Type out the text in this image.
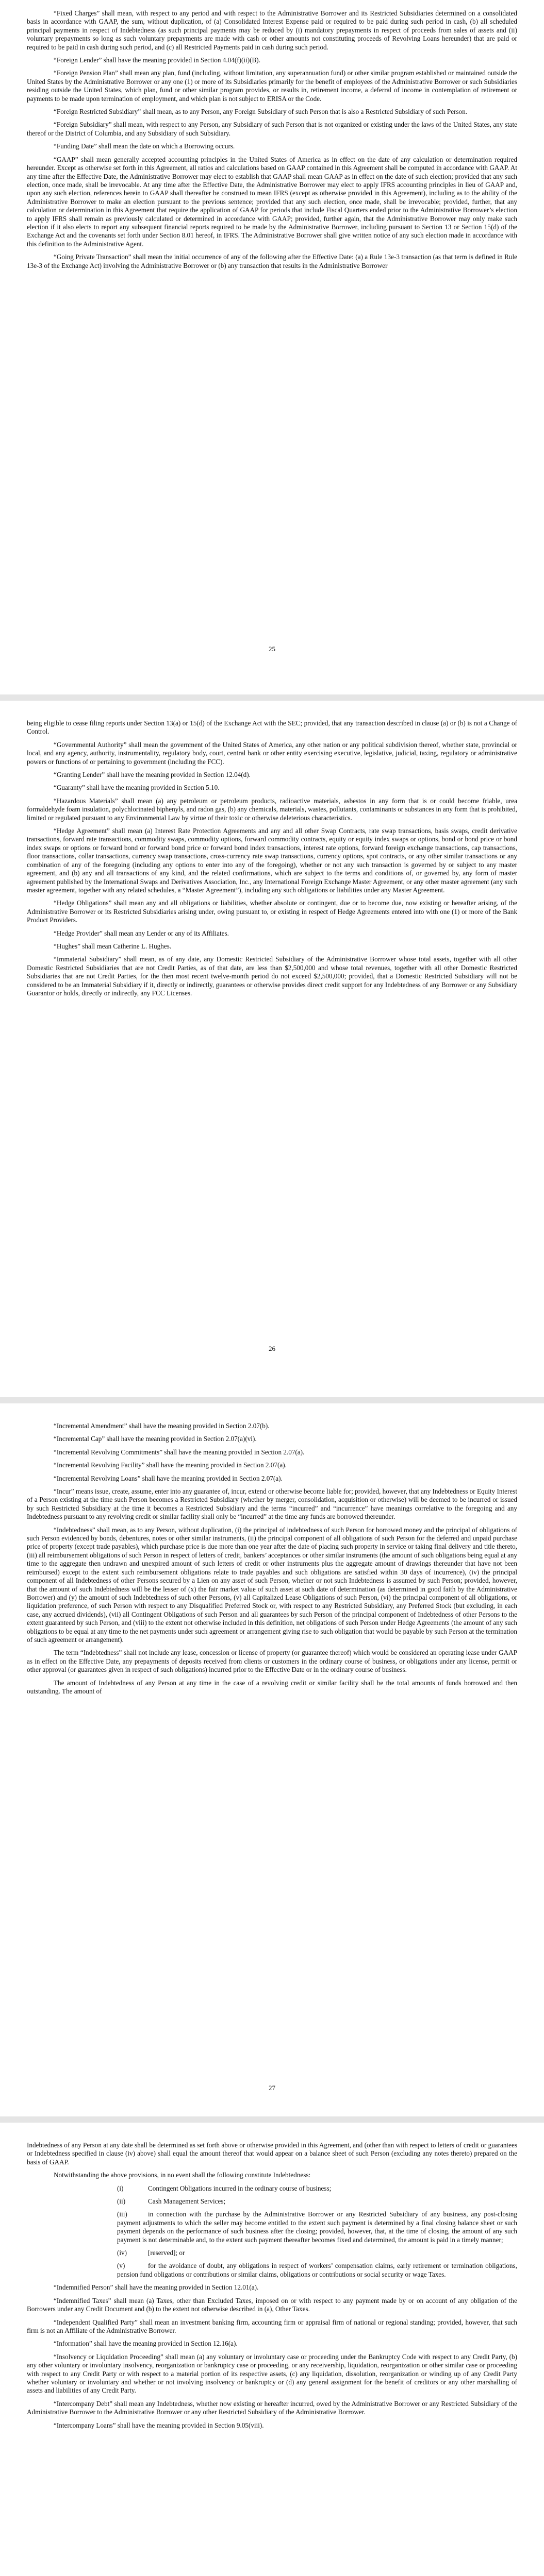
“Fixed Charges” shall mean, with respect to any period and with respect to the Administrative Borrower and its Restricted Subsidiaries determined on a consolidated basis in accordance with GAAP, the sum, without duplication, of (a) Consolidated Interest Expense paid or required to be paid during such period in cash, (b) all scheduled principal payments in respect of Indebtedness (as such principal payments may be reduced by (i) mandatory prepayments in respect of proceeds from sales of assets and (ii) voluntary prepayments so long as such voluntary prepayments are made with cash or other amounts not constituting proceeds of Revolving Loans hereunder) that are paid or required to be paid in cash during such period, and (c) all Restricted Payments paid in cash during such period.

“Foreign Lender” shall have the meaning provided in Section 4.04(f)(ii)(B).

“Foreign Pension Plan” shall mean any plan, fund (including, without limitation, any superannuation fund) or other similar program established or maintained outside the United States by the Administrative Borrower or any one (1) or more of its Subsidiaries primarily for the benefit of employees of the Administrative Borrower or such Subsidiaries residing outside the United States, which plan, fund or other similar program provides, or results in, retirement income, a deferral of income in contemplation of retirement or payments to be made upon termination of employment, and which plan is not subject to ERISA or the Code.

“Foreign Restricted Subsidiary” shall mean, as to any Person, any Foreign Subsidiary of such Person that is also a Restricted Subsidiary of such Person.

“Foreign Subsidiary” shall mean, with respect to any Person, any Subsidiary of such Person that is not organized or existing under the laws of the United States, any state thereof or the District of Columbia, and any Subsidiary of such Subsidiary.

“Funding Date” shall mean the date on which a Borrowing occurs.

“GAAP” shall mean generally accepted accounting principles in the United States of America as in effect on the date of any calculation or determination required hereunder. Except as otherwise set forth in this Agreement, all ratios and calculations based on GAAP contained in this Agreement shall be computed in accordance with GAAP. At any time after the Effective Date, the Administrative Borrower may elect to establish that GAAP shall mean GAAP as in effect on the date of such election; provided that any such election, once made, shall be irrevocable. At any time after the Effective Date, the Administrative Borrower may elect to apply IFRS accounting principles in lieu of GAAP and, upon any such election, references herein to GAAP shall thereafter be construed to mean IFRS (except as otherwise provided in this Agreement), including as to the ability of the Administrative Borrower to make an election pursuant to the previous sentence; provided that any such election, once made, shall be irrevocable; provided, further, that any calculation or determination in this Agreement that require the application of GAAP for periods that include Fiscal Quarters ended prior to the Administrative Borrower’s election to apply IFRS shall remain as previously calculated or determined in accordance with GAAP; provided, further again, that the Administrative Borrower may only make such election if it also elects to report any subsequent financial reports required to be made by the Administrative Borrower, including pursuant to Section 13 or Section 15(d) of the Exchange Act and the covenants set forth under Section 8.01 hereof, in IFRS. The Administrative Borrower shall give written notice of any such election made in accordance with this definition to the Administrative Agent.

“Going Private Transaction” shall mean the initial occurrence of any of the following after the Effective Date: (a) a Rule 13e-3 transaction (as that term is defined in Rule 13e-3 of the Exchange Act) involving the Administrative Borrower or (b) any transaction that results in the Administrative Borrower

25

being eligible to cease filing reports under Section 13(a) or 15(d) of the Exchange Act with the SEC; provided, that any transaction described in clause (a) or (b) is not a Change of Control.

“Governmental Authority” shall mean the government of the United States of America, any other nation or any political subdivision thereof, whether state, provincial or local, and any agency, authority, instrumentality, regulatory body, court, central bank or other entity exercising executive, legislative, judicial, taxing, regulatory or administrative powers or functions of or pertaining to government (including the FCC).

“Granting Lender” shall have the meaning provided in Section 12.04(d).

“Guaranty” shall have the meaning provided in Section 5.10.

“Hazardous Materials” shall mean (a) any petroleum or petroleum products, radioactive materials, asbestos in any form that is or could become friable, urea formaldehyde foam insulation, polychlorinated biphenyls, and radon gas, (b) any chemicals, materials, wastes, pollutants, contaminants or substances in any form that is prohibited, limited or regulated pursuant to any Environmental Law by virtue of their toxic or otherwise deleterious characteristics.

“Hedge Agreement” shall mean (a) Interest Rate Protection Agreements and any and all other Swap Contracts, rate swap transactions, basis swaps, credit derivative transactions, forward rate transactions, commodity swaps, commodity options, forward commodity contracts, equity or equity index swaps or options, bond or bond price or bond index swaps or options or forward bond or forward bond price or forward bond index transactions, interest rate options, forward foreign exchange transactions, cap transactions, floor transactions, collar transactions, currency swap transactions, cross-currency rate swap transactions, currency options, spot contracts, or any other similar transactions or any combination of any of the foregoing (including any options to enter into any of the foregoing), whether or not any such transaction is governed by or subject to any master agreement, and (b) any and all transactions of any kind, and the related confirmations, which are subject to the terms and conditions of, or governed by, any form of master agreement published by the International Swaps and Derivatives Association, Inc., any International Foreign Exchange Master Agreement, or any other master agreement (any such master agreement, together with any related schedules, a “Master Agreement”), including any such obligations or liabilities under any Master Agreement.

“Hedge Obligations” shall mean any and all obligations or liabilities, whether absolute or contingent, due or to become due, now existing or hereafter arising, of the Administrative Borrower or its Restricted Subsidiaries arising under, owing pursuant to, or existing in respect of Hedge Agreements entered into with one (1) or more of the Bank Product Providers.

“Hedge Provider” shall mean any Lender or any of its Affiliates.

“Hughes” shall mean Catherine L. Hughes.

“Immaterial Subsidiary” shall mean, as of any date, any Domestic Restricted Subsidiary of the Administrative Borrower whose total assets, together with all other Domestic Restricted Subsidiaries that are not Credit Parties, as of that date, are less than $2,500,000 and whose total revenues, together with all other Domestic Restricted Subsidiaries that are not Credit Parties, for the then most recent twelve-month period do not exceed $2,500,000; provided, that a Domestic Restricted Subsidiary will not be considered to be an Immaterial Subsidiary if it, directly or indirectly, guarantees or otherwise provides direct credit support for any Indebtedness of any Borrower or any Subsidiary Guarantor or holds, directly or indirectly, any FCC Licenses.

26

“Incremental Amendment” shall have the meaning provided in Section 2.07(b).

“Incremental Cap” shall have the meaning provided in Section 2.07(a)(vi).

“Incremental Revolving Commitments” shall have the meaning provided in Section 2.07(a).

“Incremental Revolving Facility” shall have the meaning provided in Section 2.07(a).

“Incremental Revolving Loans” shall have the meaning provided in Section 2.07(a).

“Incur” means issue, create, assume, enter into any guarantee of, incur, extend or otherwise become liable for; provided, however, that any Indebtedness or Equity Interest of a Person existing at the time such Person becomes a Restricted Subsidiary (whether by merger, consolidation, acquisition or otherwise) will be deemed to be incurred or issued by such Restricted Subsidiary at the time it becomes a Restricted Subsidiary and the terms “incurred” and “incurrence” have meanings correlative to the foregoing and any Indebtedness pursuant to any revolving credit or similar facility shall only be “incurred” at the time any funds are borrowed thereunder.

“Indebtedness” shall mean, as to any Person, without duplication, (i) the principal of indebtedness of such Person for borrowed money and the principal of obligations of such Person evidenced by bonds, debentures, notes or other similar instruments, (ii) the principal component of all obligations of such Person for the deferred and unpaid purchase price of property (except trade payables), which purchase price is due more than one year after the date of placing such property in service or taking final delivery and title thereto, (iii) all reimbursement obligations of such Person in respect of letters of credit, bankers’ acceptances or other similar instruments (the amount of such obligations being equal at any time to the aggregate then undrawn and unexpired amount of such letters of credit or other instruments plus the aggregate amount of drawings thereunder that have not been reimbursed) except to the extent such reimbursement obligations relate to trade payables and such obligations are satisfied within 30 days of incurrence), (iv) the principal component of all Indebtedness of other Persons secured by a Lien on any asset of such Person, whether or not such Indebtedness is assumed by such Person; provided, however, that the amount of such Indebtedness will be the lesser of (x) the fair market value of such asset at such date of determination (as determined in good faith by the Administrative Borrower) and (y) the amount of such Indebtedness of such other Persons, (v) all Capitalized Lease Obligations of such Person, (vi) the principal component of all obligations, or liquidation preference, of such Person with respect to any Disqualified Preferred Stock or, with respect to any Restricted Subsidiary, any Preferred Stock (but excluding, in each case, any accrued dividends), (vii) all Contingent Obligations of such Person and all guarantees by such Person of the principal component of Indebtedness of other Persons to the extent guaranteed by such Person, and (viii) to the extent not otherwise included in this definition, net obligations of such Person under Hedge Agreements (the amount of any such obligations to be equal at any time to the net payments under such agreement or arrangement giving rise to such obligation that would be payable by such Person at the termination of such agreement or arrangement).

The term “Indebtedness” shall not include any lease, concession or license of property (or guarantee thereof) which would be considered an operating lease under GAAP as in effect on the Effective Date, any prepayments of deposits received from clients or customers in the ordinary course of business, or obligations under any license, permit or other approval (or guarantees given in respect of such obligations) incurred prior to the Effective Date or in the ordinary course of business.

The amount of Indebtedness of any Person at any time in the case of a revolving credit or similar facility shall be the total amounts of funds borrowed and then outstanding. The amount of

27

Indebtedness of any Person at any date shall be determined as set forth above or otherwise provided in this Agreement, and (other than with respect to letters of credit or guarantees or Indebtedness specified in clause (iv) above) shall equal the amount thereof that would appear on a balance sheet of such Person (excluding any notes thereto) prepared on the basis of GAAP.

Notwithstanding the above provisions, in no event shall the following constitute Indebtedness:

(i)	Contingent Obligations incurred in the ordinary course of business;

(ii)	Cash Management Services;

(iii)	in connection with the purchase by the Administrative Borrower or any Restricted Subsidiary of any business, any post-closing payment adjustments to which the seller may become entitled to the extent such payment is determined by a final closing balance sheet or such payment depends on the performance of such business after the closing; provided, however, that, at the time of closing, the amount of any such payment is not determinable and, to the extent such payment thereafter becomes fixed and determined, the amount is paid in a timely manner;

(iv)	[reserved]; or

(v)	for the avoidance of doubt, any obligations in respect of workers’ compensation claims, early retirement or termination obligations, pension fund obligations or contributions or similar claims, obligations or contributions or social security or wage Taxes.

“Indemnified Person” shall have the meaning provided in Section 12.01(a).

“Indemnified Taxes” shall mean (a) Taxes, other than Excluded Taxes, imposed on or with respect to any payment made by or on account of any obligation of the Borrowers under any Credit Document and (b) to the extent not otherwise described in (a), Other Taxes.

“Independent Qualified Party” shall mean an investment banking firm, accounting firm or appraisal firm of national or regional standing; provided, however, that such firm is not an Affiliate of the Administrative Borrower.

“Information” shall have the meaning provided in Section 12.16(a).

“Insolvency or Liquidation Proceeding” shall mean (a) any voluntary or involuntary case or proceeding under the Bankruptcy Code with respect to any Credit Party, (b) any other voluntary or involuntary insolvency, reorganization or bankruptcy case or proceeding, or any receivership, liquidation, reorganization or other similar case or proceeding with respect to any Credit Party or with respect to a material portion of its respective assets, (c) any liquidation, dissolution, reorganization or winding up of any Credit Party whether voluntary or involuntary and whether or not involving insolvency or bankruptcy or (d) any general assignment for the benefit of creditors or any other marshalling of assets and liabilities of any Credit Party.

“Intercompany Debt” shall mean any Indebtedness, whether now existing or hereafter incurred, owed by the Administrative Borrower or any Restricted Subsidiary of the Administrative Borrower to the Administrative Borrower or any other Restricted Subsidiary of the Administrative Borrower.

“Intercompany Loans” shall have the meaning provided in Section 9.05(viii).
